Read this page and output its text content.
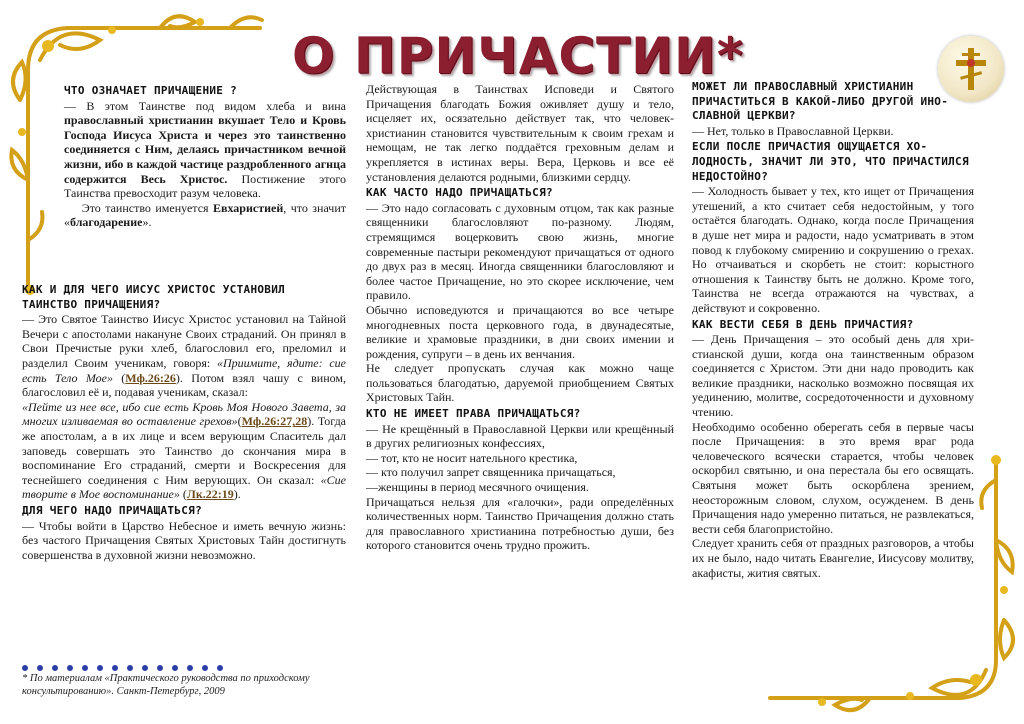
О ПРИЧАСТИИ*
ЧТО ОЗНАЧАЕТ ПРИЧАЩЕНИЕ ?

— В этом Таинстве под видом хлеба и вина православный христианин вкушает Тело и Кровь Господа Иисуса Христа и через это таинственно соединяется с Ним, делаясь причастником вечной жизни, ибо в каждой частице раздробленного агнца содержится Весь Христос. Постижение этого Таинства превосходит разум человека.

Это таинство именуется Евхаристией, что значит «благодарение».

КАК И ДЛЯ ЧЕГО ИИСУС ХРИСТОС УСТАНОВИЛ ТАИНСТВО ПРИЧАЩЕНИЯ?

— Это Святое Таинство Иисус Христос установил на Тайной Вечери с апостолами накануне Своих страданий. Он принял в Свои Пречистые руки хлеб, благословил его, преломил и разделил Своим ученикам, говоря: «Приимите, ядите: сие есть Тело Мое» (Мф.26:26). Потом взял чашу с вином, благословил её и, подавая ученикам, сказал:

«Пейте из нее все, ибо сие есть Кровь Моя Нового Завета, за многих изливаемая во оставление грехов»(Мф.26:27,28). Тогда же апостолам, а в их лице и всем верующим Спаситель дал заповедь совершать это Таинство до скончания мира в воспоминание Его страданий, смерти и Воскресения для теснейшего соединения с Ним верующих. Он сказал: «Сие творите в Мое воспоминание» (Лк.22:19).

ДЛЯ ЧЕГО НАДО ПРИЧАЩАТЬСЯ?

— Чтобы войти в Царство Небесное и иметь вечную жизнь: без частого Причащения Святых Христовых Тайн достигнуть совершенства в духовной жизни невозможно.

* По материалам «Практического руководства по приходскому консультированию». Санкт-Петербург, 2009

Действующая в Таинствах Исповеди и Святого Причащения благодать Божия оживляет душу и тело, исцеляет их, осязательно действует так, что человек-христианин становится чувствительным к своим грехам и немощам, не так легко поддаётся греховным делам и укрепляется в истинах веры. Вера, Церковь и все её установления делаются родными, близкими сердцу.

КАК ЧАСТО НАДО ПРИЧАЩАТЬСЯ?

— Это надо согласовать с духовным отцом, так как разные священники благословляют по-разному. Людям, стремящимся воцерковить свою жизнь, многие современные пастыри рекомендуют причащаться от одного до двух раз в месяц. Иногда священники благословляют и более частое Причащение, но это скорее исключение, чем правило.

Обычно исповедуются и причащаются во все четыре многодневных поста церковного года, в двунадесятые, великие и храмовые праздники, в дни своих имении и рождения, супруги – в день их венчания.

Не следует пропускать случая как можно чаще пользоваться благодатью, даруемой приобщением Святых Христовых Тайн.

КТО НЕ ИМЕЕТ ПРАВА ПРИЧАЩАТЬСЯ?

— Не крещённый в Православной Церкви или крещённый в других религиозных конфессиях,

— тот, кто не носит нательного крестика,

— кто получил запрет священника причащаться,

—женщины в период месячного очищения.

Причащаться нельзя для «галочки», ради определённых количественных норм. Таинство Причащения должно стать для православного христианина потребностью души, без которого становится очень трудно прожить.

МОЖЕТ ЛИ ПРАВОСЛАВНЫЙ ХРИСТИАНИН ПРИЧАСТИТЬСЯ В КАКОЙ-ЛИБО ДРУГОЙ ИНОСЛАВНОЙ ЦЕРКВИ?

— Нет, только в Православной Церкви.

ЕСЛИ ПОСЛЕ ПРИЧАСТИЯ ОЩУЩАЕТСЯ ХОЛОДНОСТЬ, ЗНАЧИТ ЛИ ЭТО, ЧТО ПРИЧАСТИЛСЯ НЕДОСТОЙНО?

— Холодность бывает у тех, кто ищет от Причащения утешений, а кто считает себя недостойным, у того остаётся благодать. Однако, когда после Причащения в душе нет мира и радости, надо усматривать в этом повод к глубокому смирению и сокрушению о грехах. Но отчаиваться и скорбеть не стоит: корыстного отношения к Таинству быть не должно. Кроме того, Таинства не всегда отражаются на чувствах, а действуют и сокровенно.

КАК ВЕСТИ СЕБЯ В ДЕНЬ ПРИЧАСТИЯ?

— День Причащения – это особый день для христианской души, когда она таинственным образом соединяется с Христом. Эти дни надо проводить как великие праздники, насколько возможно посвящая их уединению, молитве, сосредоточенности и духовному чтению.

Необходимо особенно оберегать себя в первые часы после Причащения: в это время враг рода человеческого всячески старается, чтобы человек оскорбил святыню, и она перестала бы его освящать. Святыня может быть оскорблена зрением, неосторожным словом, слухом, осужденем. В день Причащения надо умеренно питаться, не развлекаться, вести себя благопристойно.

Следует хранить себя от праздных разговоров, а чтобы их не было, надо читать Евангелие, Иисусову молитву, акафисты, жития святых.
